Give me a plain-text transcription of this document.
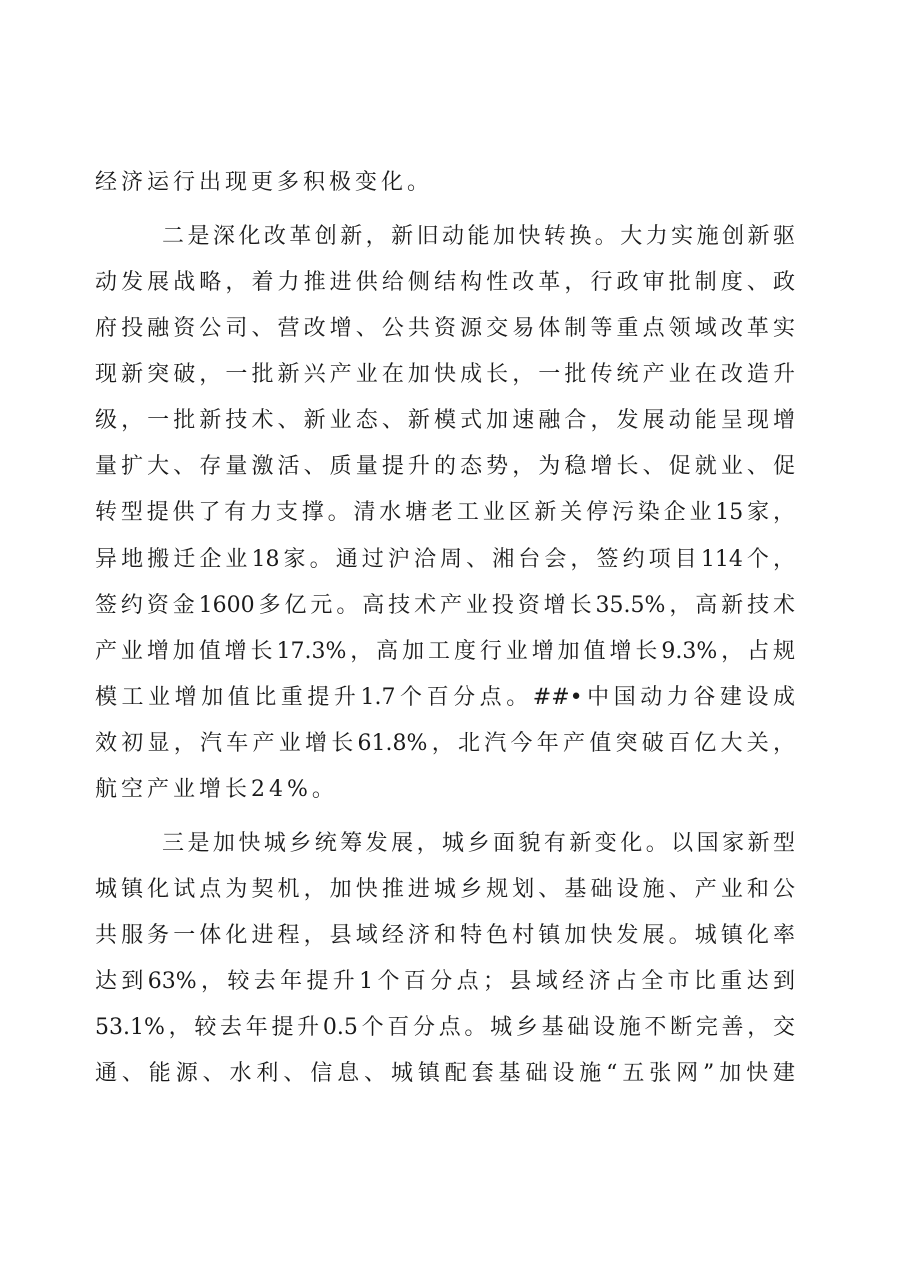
经济运行出现更多积极变化。
二是深化改革创新，新旧动能加快转换。大力实施创新驱
动发展战略，着力推进供给侧结构性改革，行政审批制度、政
府投融资公司、营改增、公共资源交易体制等重点领域改革实
现新突破，一批新兴产业在加快成长，一批传统产业在改造升
级，一批新技术、新业态、新模式加速融合，发展动能呈现增
量扩大、存量激活、质量提升的态势，为稳增长、促就业、促
转型提供了有力支撑。清水塘老工业区新关停污染企业15家，
异地搬迁企业18家。通过沪洽周、湘台会，签约项目114个，
签约资金1600多亿元。高技术产业投资增长35.5%，高新技术
产业增加值增长17.3%，高加工度行业增加值增长9.3%，占规
模工业增加值比重提升1.7个百分点。##•中国动力谷建设成
效初显，汽车产业增长61.8%，北汽今年产值突破百亿大关，
航空产业增长24%。
三是加快城乡统筹发展，城乡面貌有新变化。以国家新型
城镇化试点为契机，加快推进城乡规划、基础设施、产业和公
共服务一体化进程，县域经济和特色村镇加快发展。城镇化率
达到63%，较去年提升1个百分点；县域经济占全市比重达到
53.1%，较去年提升0.5个百分点。城乡基础设施不断完善，交
通、能源、水利、信息、城镇配套基础设施“五张网”加快建
